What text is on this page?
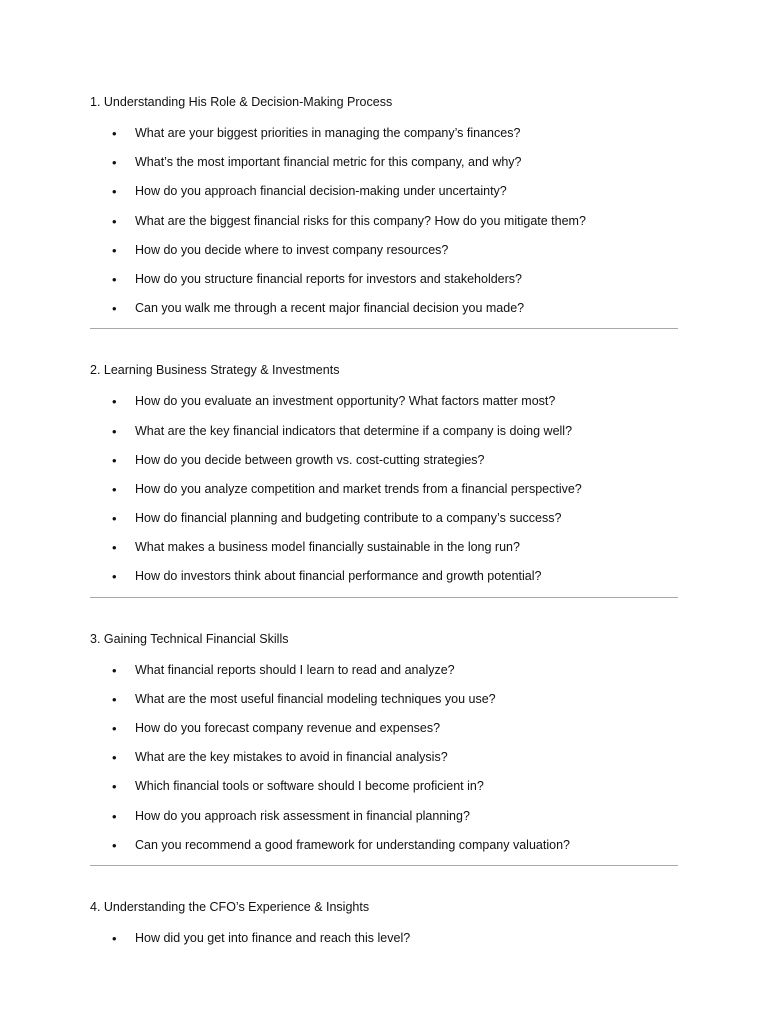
1. Understanding His Role & Decision-Making Process

• What are your biggest priorities in managing the company’s finances?
• What’s the most important financial metric for this company, and why?
• How do you approach financial decision-making under uncertainty?
• What are the biggest financial risks for this company? How do you mitigate them?
• How do you decide where to invest company resources?
• How do you structure financial reports for investors and stakeholders?
• Can you walk me through a recent major financial decision you made?

2. Learning Business Strategy & Investments

• How do you evaluate an investment opportunity? What factors matter most?
• What are the key financial indicators that determine if a company is doing well?
• How do you decide between growth vs. cost-cutting strategies?
• How do you analyze competition and market trends from a financial perspective?
• How do financial planning and budgeting contribute to a company’s success?
• What makes a business model financially sustainable in the long run?
• How do investors think about financial performance and growth potential?

3. Gaining Technical Financial Skills

• What financial reports should I learn to read and analyze?
• What are the most useful financial modeling techniques you use?
• How do you forecast company revenue and expenses?
• What are the key mistakes to avoid in financial analysis?
• Which financial tools or software should I become proficient in?
• How do you approach risk assessment in financial planning?
• Can you recommend a good framework for understanding company valuation?

4. Understanding the CFO’s Experience & Insights

• How did you get into finance and reach this level?
